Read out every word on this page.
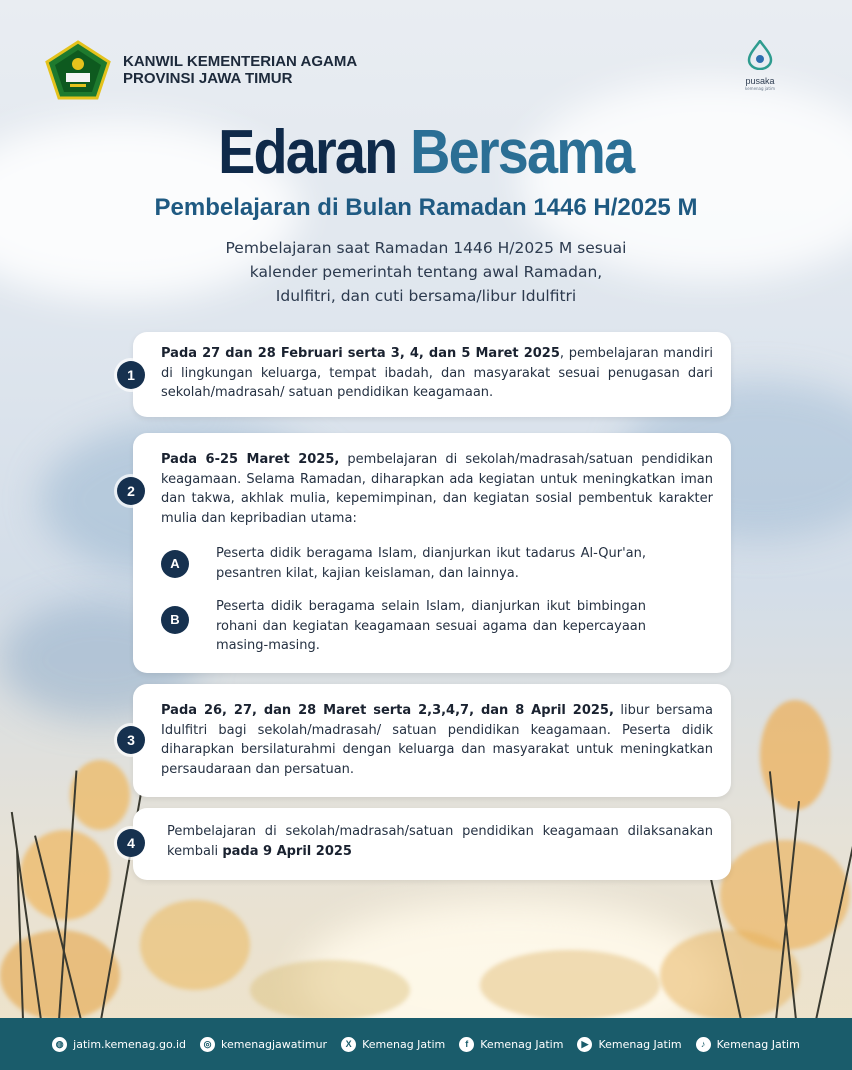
KANWIL KEMENTERIAN AGAMA
PROVINSI JAWA TIMUR	pusaka
kemenag jatim
Edaran Bersama
Pembelajaran di Bulan Ramadan 1446 H/2025 M
Pembelajaran saat Ramadan 1446 H/2025 M sesuai
kalender pemerintah tentang awal Ramadan,
Idulfitri, dan cuti bersama/libur Idulfitri
1

Pada 27 dan 28 Februari serta 3, 4, dan 5 Maret 2025, pembelajaran mandiri di lingkungan keluarga, tempat ibadah, dan masyarakat sesuai penugasan dari sekolah/madrasah/ satuan pendidikan keagamaan.

2

Pada 6-25 Maret 2025, pembelajaran di sekolah/madrasah/satuan pendidikan keagamaan. Selama Ramadan, diharapkan ada kegiatan untuk meningkatkan iman dan takwa, akhlak mulia, kepemimpinan, dan kegiatan sosial pembentuk karakter mulia dan kepribadian utama:

A

Peserta didik beragama Islam, dianjurkan ikut tadarus Al-Qur'an, pesantren kilat, kajian keislaman, dan lainnya.

B

Peserta didik beragama selain Islam, dianjurkan ikut bimbingan rohani dan kegiatan keagamaan sesuai agama dan kepercayaan masing-masing.

3

Pada 26, 27, dan 28 Maret serta 2,3,4,7, dan 8 April 2025, libur bersama Idulfitri bagi sekolah/madrasah/ satuan pendidikan keagamaan. Peserta didik diharapkan bersilaturahmi dengan keluarga dan masyarakat untuk meningkatkan persaudaraan dan persatuan.

4

Pembelajaran di sekolah/madrasah/satuan pendidikan keagamaan dilaksanakan kembali pada 9 April 2025

◍ jatim.kemenag.go.id	◎ kemenagjawatimur	X Kemenag Jatim	f	Kemenag Jatim	▶ Kemenag Jatim	♪	Kemenag Jatim
